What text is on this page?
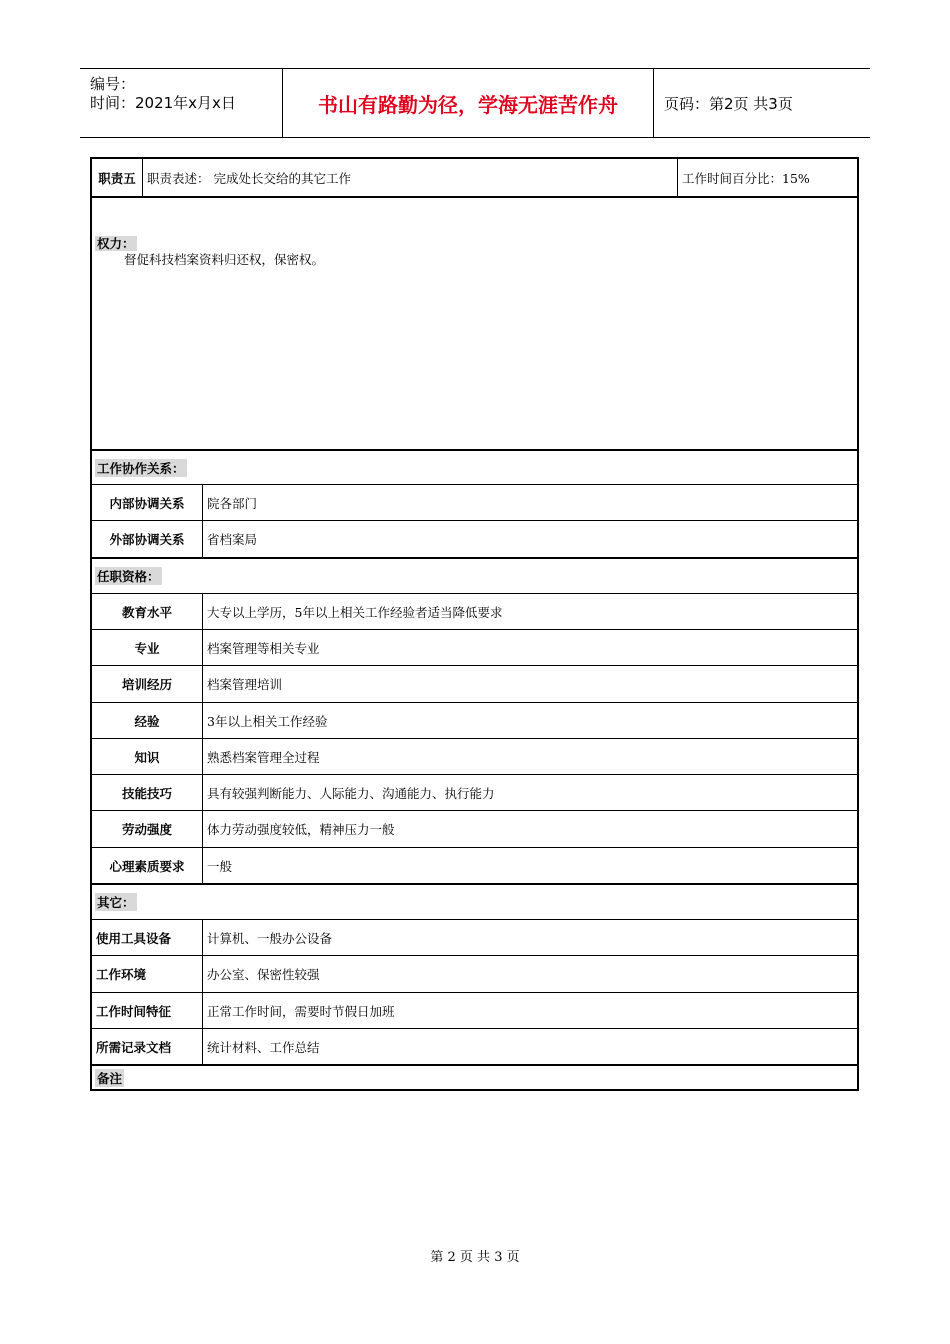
编号：
时间：2021年x月x日	书山有路勤为径，学海无涯苦作舟	页码：第2页 共3页
职责五 职责表述： 完成处长交给的其它工作	工作时间百分比：15%
权力：
督促科技档案资料归还权，保密权。
工作协作关系：
内部协调关系	院各部门
外部协调关系	省档案局
任职资格：
教育水平	大专以上学历，5年以上相关工作经验者适当降低要求
专业	档案管理等相关专业
培训经历	档案管理培训
经验	3年以上相关工作经验
知识	熟悉档案管理全过程
技能技巧	具有较强判断能力、人际能力、沟通能力、执行能力
劳动强度	体力劳动强度较低，精神压力一般
心理素质要求	一般
其它：
使用工具设备	计算机、一般办公设备
工作环境	办公室、保密性较强
工作时间特征	正常工作时间，需要时节假日加班
所需记录文档	统计材料、工作总结
备注
第 2 页 共 3 页
